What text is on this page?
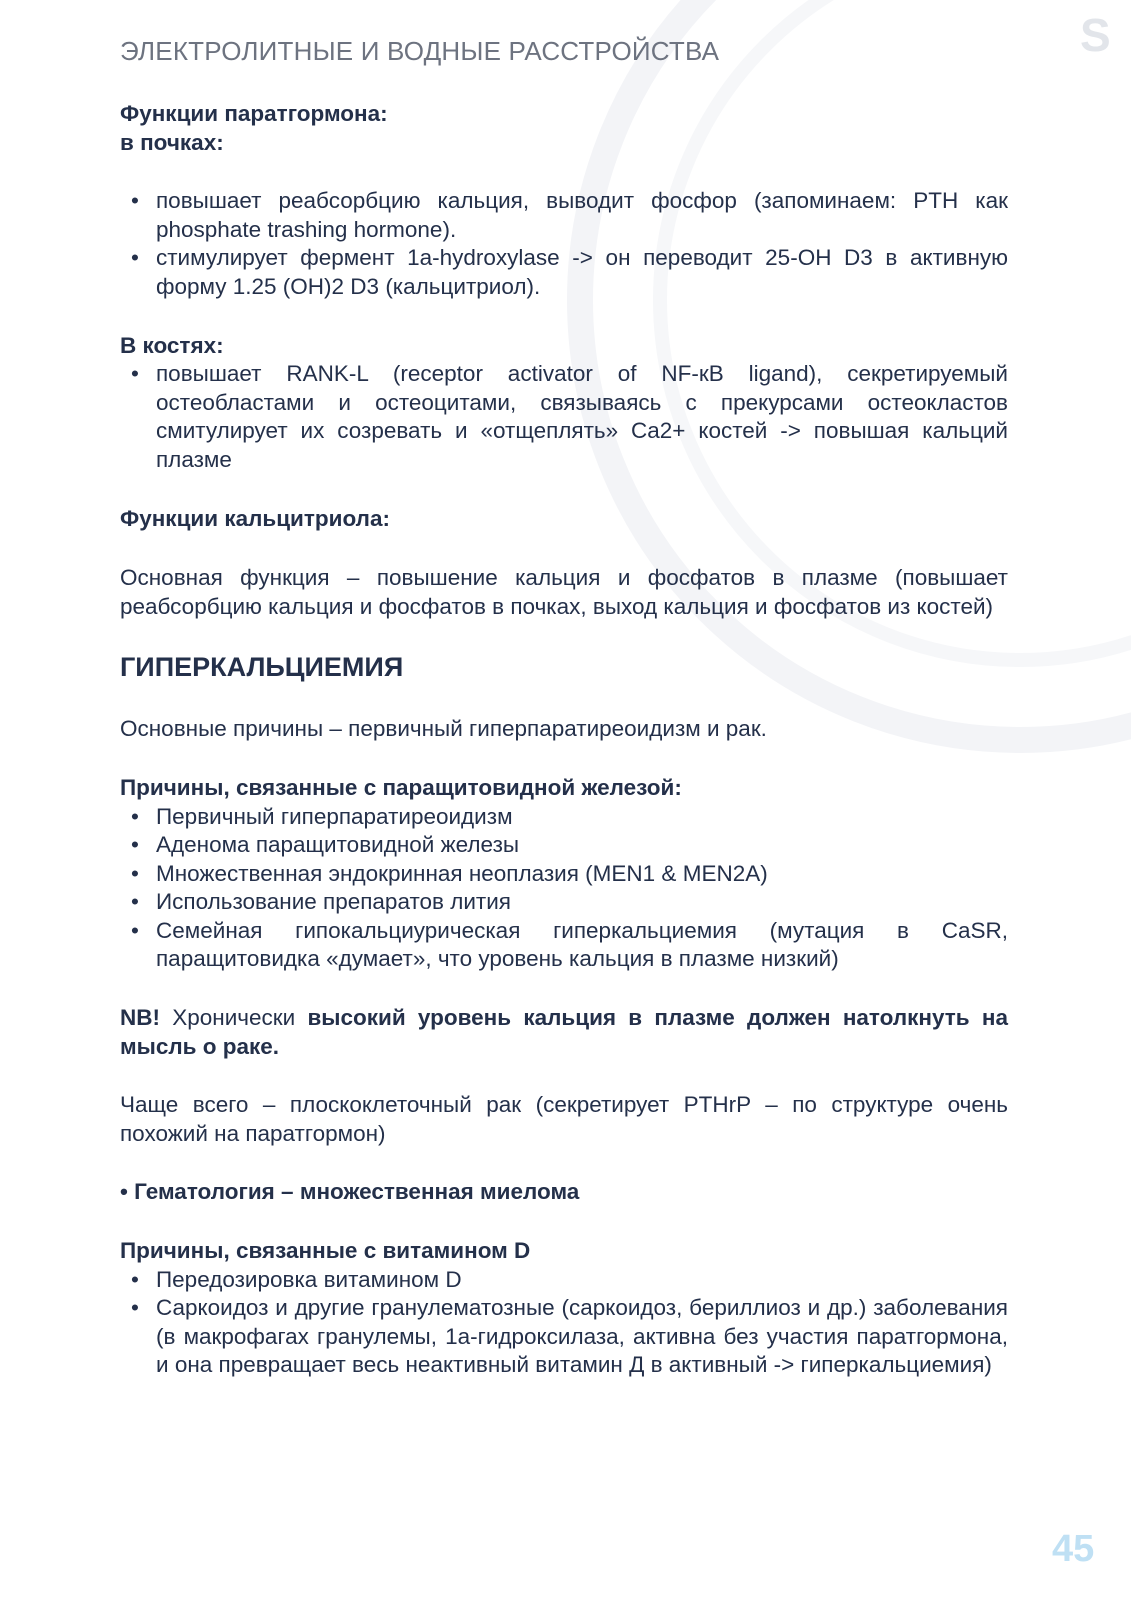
ЭЛЕКТРОЛИТНЫЕ И ВОДНЫЕ РАССТРОЙСТВА	S

Функции паратгормона:

в почках:

• повышает реабсорбцию кальция, выводит фосфор (запоминаем: PTH как phosphate trashing hormone).
• стимулирует фермент 1a-hydroxylase -> он переводит 25-OH D3 в активную форму 1.25 (OH)2 D3 (кальцитриол).

В костях:

• повышает RANK-L (receptor activator of NF-кB ligand), секретируемый остеобластами и остеоцитами, связываясь с прекурсами остеокластов смитулирует их созревать и «отщеплять» Ca2+ костей -> повышая кальций плазме

Функции кальцитриола:

Основная функция – повышение кальция и фосфатов в плазме (повышает реабсорбцию кальция и фосфатов в почках, выход кальция и фосфатов из костей)

ГИПЕРКАЛЬЦИЕМИЯ

Основные причины – первичный гиперпаратиреоидизм и рак.

Причины, связанные с паращитовидной железой:

• Первичный гиперпаратиреоидизм
• Аденома паращитовидной железы
• Множественная эндокринная неоплазия (MEN1 & MEN2A)
• Использование препаратов лития
• Семейная гипокальциурическая гиперкальциемия (мутация в CaSR, паращитовидка «думает», что уровень кальция в плазме низкий)

NB! Хронически высокий уровень кальция в плазме должен натолкнуть на мысль о раке.

Чаще всего – плоскоклеточный рак (секретирует PTHrP – по структуре очень похожий на паратгормон)

• Гематология – множественная миелома

Причины, связанные с витамином D

• Передозировка витамином D
• Саркоидоз и другие гранулематозные (саркоидоз, бериллиоз и др.) заболевания (в макрофагах гранулемы, 1a-гидроксилаза, активна без участия паратгормона, и она превращает весь неактивный витамин Д в активный -> гиперкальциемия)
45
